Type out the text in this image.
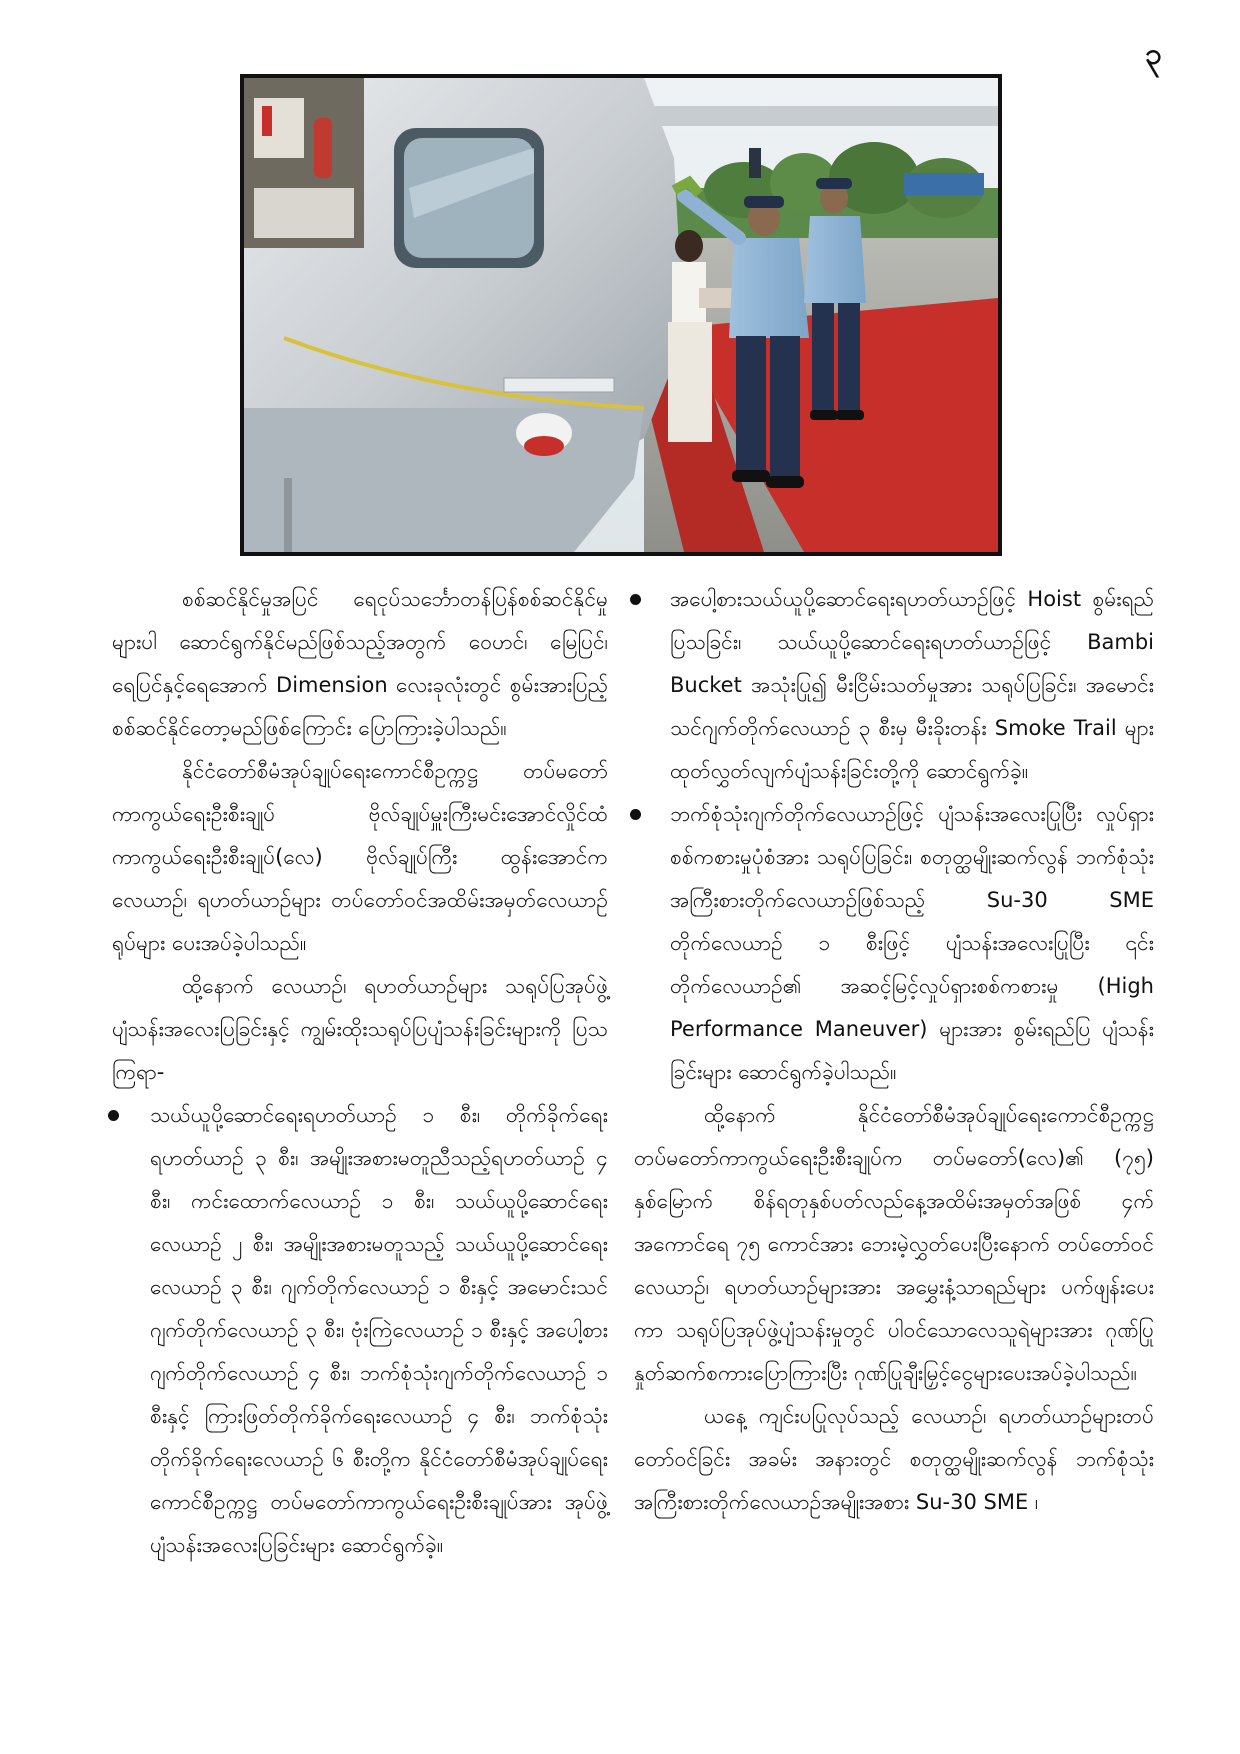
၃

စစ်ဆင်နိုင်မှုအပြင် ရေငုပ်သင်္ဘောတန်ပြန်စစ်ဆင်နိုင်မှုများပါ ဆောင်ရွက်နိုင်မည်ဖြစ်သည့်အတွက် ဝေဟင်၊ မြေပြင်၊ ရေပြင်နှင့်ရေအောက် Dimension လေးခုလုံးတွင် စွမ်းအားပြည့်စစ်ဆင်နိုင်တော့မည်ဖြစ်ကြောင်း ပြောကြားခဲ့ပါသည်။

နိုင်ငံတော်စီမံအုပ်ချုပ်ရေးကောင်စီဥက္ကဋ္ဌ တပ်မတော်ကာကွယ်ရေးဦးစီးချုပ် ဗိုလ်ချုပ်မှူးကြီးမင်းအောင်လှိုင်ထံ ကာကွယ်ရေးဦးစီးချုပ်(လေ) ဗိုလ်ချုပ်ကြီး ထွန်းအောင်က လေယာဉ်၊ ရဟတ်ယာဉ်များ တပ်တော်ဝင်အထိမ်းအမှတ်လေယာဉ်ရုပ်များ ပေးအပ်ခဲ့ပါသည်။

ထို့နောက် လေယာဉ်၊ ရဟတ်ယာဉ်များ သရုပ်ပြအုပ်ဖွဲ့ပျံသန်းအလေးပြခြင်းနှင့် ကျွမ်းထိုးသရုပ်ပြပျံသန်းခြင်းများကို ပြသကြရာ-

သယ်ယူပို့ဆောင်ရေးရဟတ်ယာဉ် ၁ စီး၊ တိုက်ခိုက်ရေးရဟတ်ယာဉ် ၃ စီး၊ အမျိုးအစားမတူညီသည့်ရဟတ်ယာဉ် ၄ စီး၊ ကင်းထောက်လေယာဉ် ၁ စီး၊ သယ်ယူပို့ဆောင်ရေးလေယာဉ် ၂ စီး၊ အမျိုးအစားမတူသည့် သယ်ယူပို့ဆောင်ရေးလေယာဉ် ၃ စီး၊ ဂျက်တိုက်လေယာဉ် ၁ စီးနှင့် အမောင်းသင်ဂျက်တိုက်လေယာဉ် ၃ စီး၊ ဗုံးကြဲလေယာဉ် ၁ စီးနှင့် အပေါ့စားဂျက်တိုက်လေယာဉ် ၄ စီး၊ ဘက်စုံသုံးဂျက်တိုက်လေယာဉ် ၁ စီးနှင့် ကြားဖြတ်တိုက်ခိုက်ရေးလေယာဉ် ၄ စီး၊ ဘက်စုံသုံးတိုက်ခိုက်ရေးလေယာဉ် ၆ စီးတို့က နိုင်ငံတော်စီမံအုပ်ချုပ်ရေးကောင်စီဥက္ကဋ္ဌ တပ်မတော်ကာကွယ်ရေးဦးစီးချုပ်အား အုပ်ဖွဲ့ပျံသန်းအလေးပြခြင်းများ ဆောင်ရွက်ခဲ့။
အပေါ့စားသယ်ယူပို့ဆောင်ရေးရဟတ်ယာဉ်ဖြင့် Hoist စွမ်းရည်ပြသခြင်း၊ သယ်ယူပို့ဆောင်ရေးရဟတ်ယာဉ်ဖြင့် Bambi Bucket အသုံးပြု၍ မီးငြိမ်းသတ်မှုအား သရုပ်ပြခြင်း၊ အမောင်းသင်ဂျက်တိုက်လေယာဉ် ၃ စီးမှ မီးခိုးတန်း Smoke Trail များ ထုတ်လွှတ်လျက်ပျံသန်းခြင်းတို့ကို ဆောင်ရွက်ခဲ့။
ဘက်စုံသုံးဂျက်တိုက်လေယာဉ်ဖြင့် ပျံသန်းအလေးပြုပြီး လှုပ်ရှားစစ်ကစားမှုပုံစံအား သရုပ်ပြခြင်း၊ စတုတ္ထမျိုးဆက်လွန် ဘက်စုံသုံးအကြီးစားတိုက်လေယာဉ်ဖြစ်သည့် Su-30 SME တိုက်လေယာဉ် ၁ စီးဖြင့် ပျံသန်းအလေးပြုပြီး ၎င်းတိုက်လေယာဉ်၏ အဆင့်မြင့်လှုပ်ရှားစစ်ကစားမှု (High Performance Maneuver) များအား စွမ်းရည်ပြ ပျံသန်းခြင်းများ ဆောင်ရွက်ခဲ့ပါသည်။

ထို့နောက် နိုင်ငံတော်စီမံအုပ်ချုပ်ရေးကောင်စီဥက္ကဋ္ဌ တပ်မတော်ကာကွယ်ရေးဦးစီးချုပ်က တပ်မတော်(လေ)၏ (၇၅) နှစ်မြောက် စိန်ရတုနှစ်ပတ်လည်နေ့အထိမ်းအမှတ်အဖြစ် ၄က်အကောင်ရေ ၇၅ ကောင်အား ဘေးမဲ့လွှတ်ပေးပြီးနောက် တပ်တော်ဝင်လေယာဉ်၊ ရဟတ်ယာဉ်များအား အမွှေးနံ့သာရည်များ ပက်ဖျန်းပေးကာ သရုပ်ပြအုပ်ဖွဲ့ပျံသန်းမှုတွင် ပါဝင်သောလေသူရဲများအား ဂုဏ်ပြုနှုတ်ဆက်စကားပြောကြားပြီး ဂုဏ်ပြုချီးမြှင့်ငွေများပေးအပ်ခဲ့ပါသည်။

ယနေ့ ကျင်းပပြုလုပ်သည့် လေယာဉ်၊ ရဟတ်ယာဉ်များတပ်တော်ဝင်ခြင်း အခမ်း အနားတွင် စတုတ္ထမျိုးဆက်လွန် ဘက်စုံသုံးအကြီးစားတိုက်လေယာဉ်အမျိုးအစား Su-30 SME ၊
